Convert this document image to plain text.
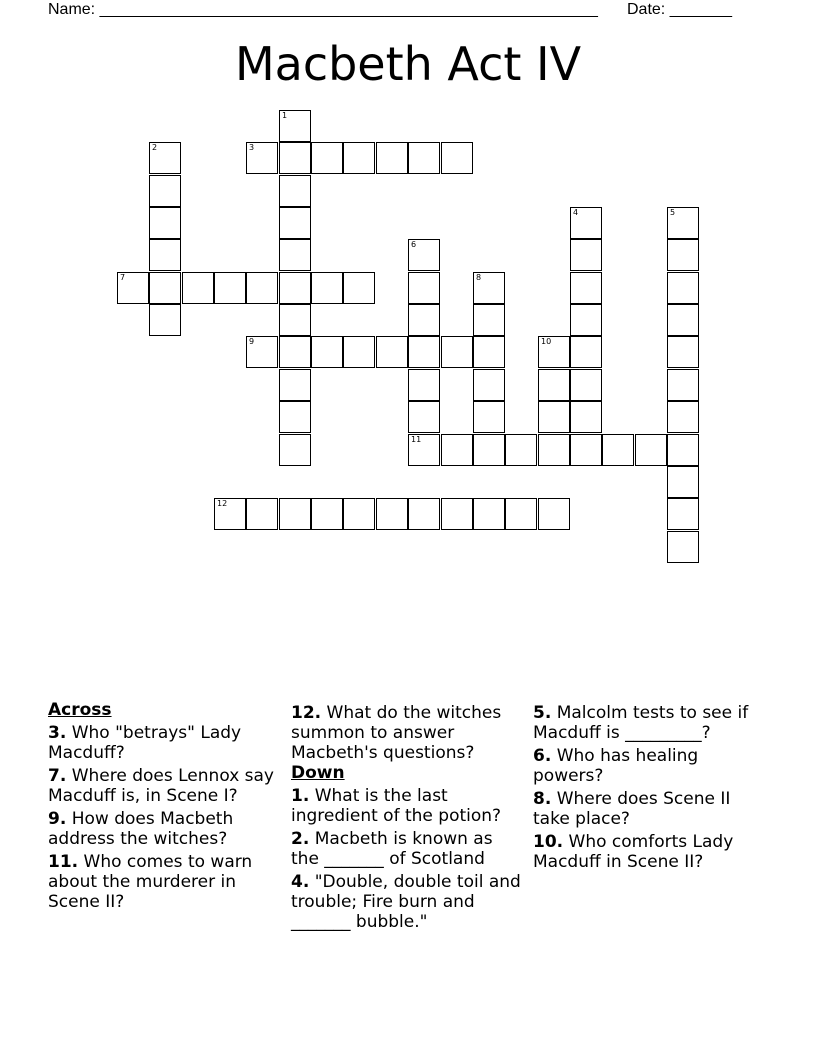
Name: ________________________________________________________ Date: _______
Macbeth Act IV
1
2	3
4	5
6
7	8
9	10
11
12
Across
3. Who "betrays" Lady Macduff?
7. Where does Lennox say Macduff is, in Scene I?
9. How does Macbeth address the witches?
11. Who comes to warn about the murderer in Scene II?
12. What do the witches summon to answer Macbeth's questions?
Down
1. What is the last ingredient of the potion?
2. Macbeth is known as the _______ of Scotland
4. "Double, double toil and trouble; Fire burn and _______ bubble."
5. Malcolm tests to see if Macduff is _________?
6. Who has healing powers?
8. Where does Scene II take place?
10. Who comforts Lady Macduff in Scene II?
